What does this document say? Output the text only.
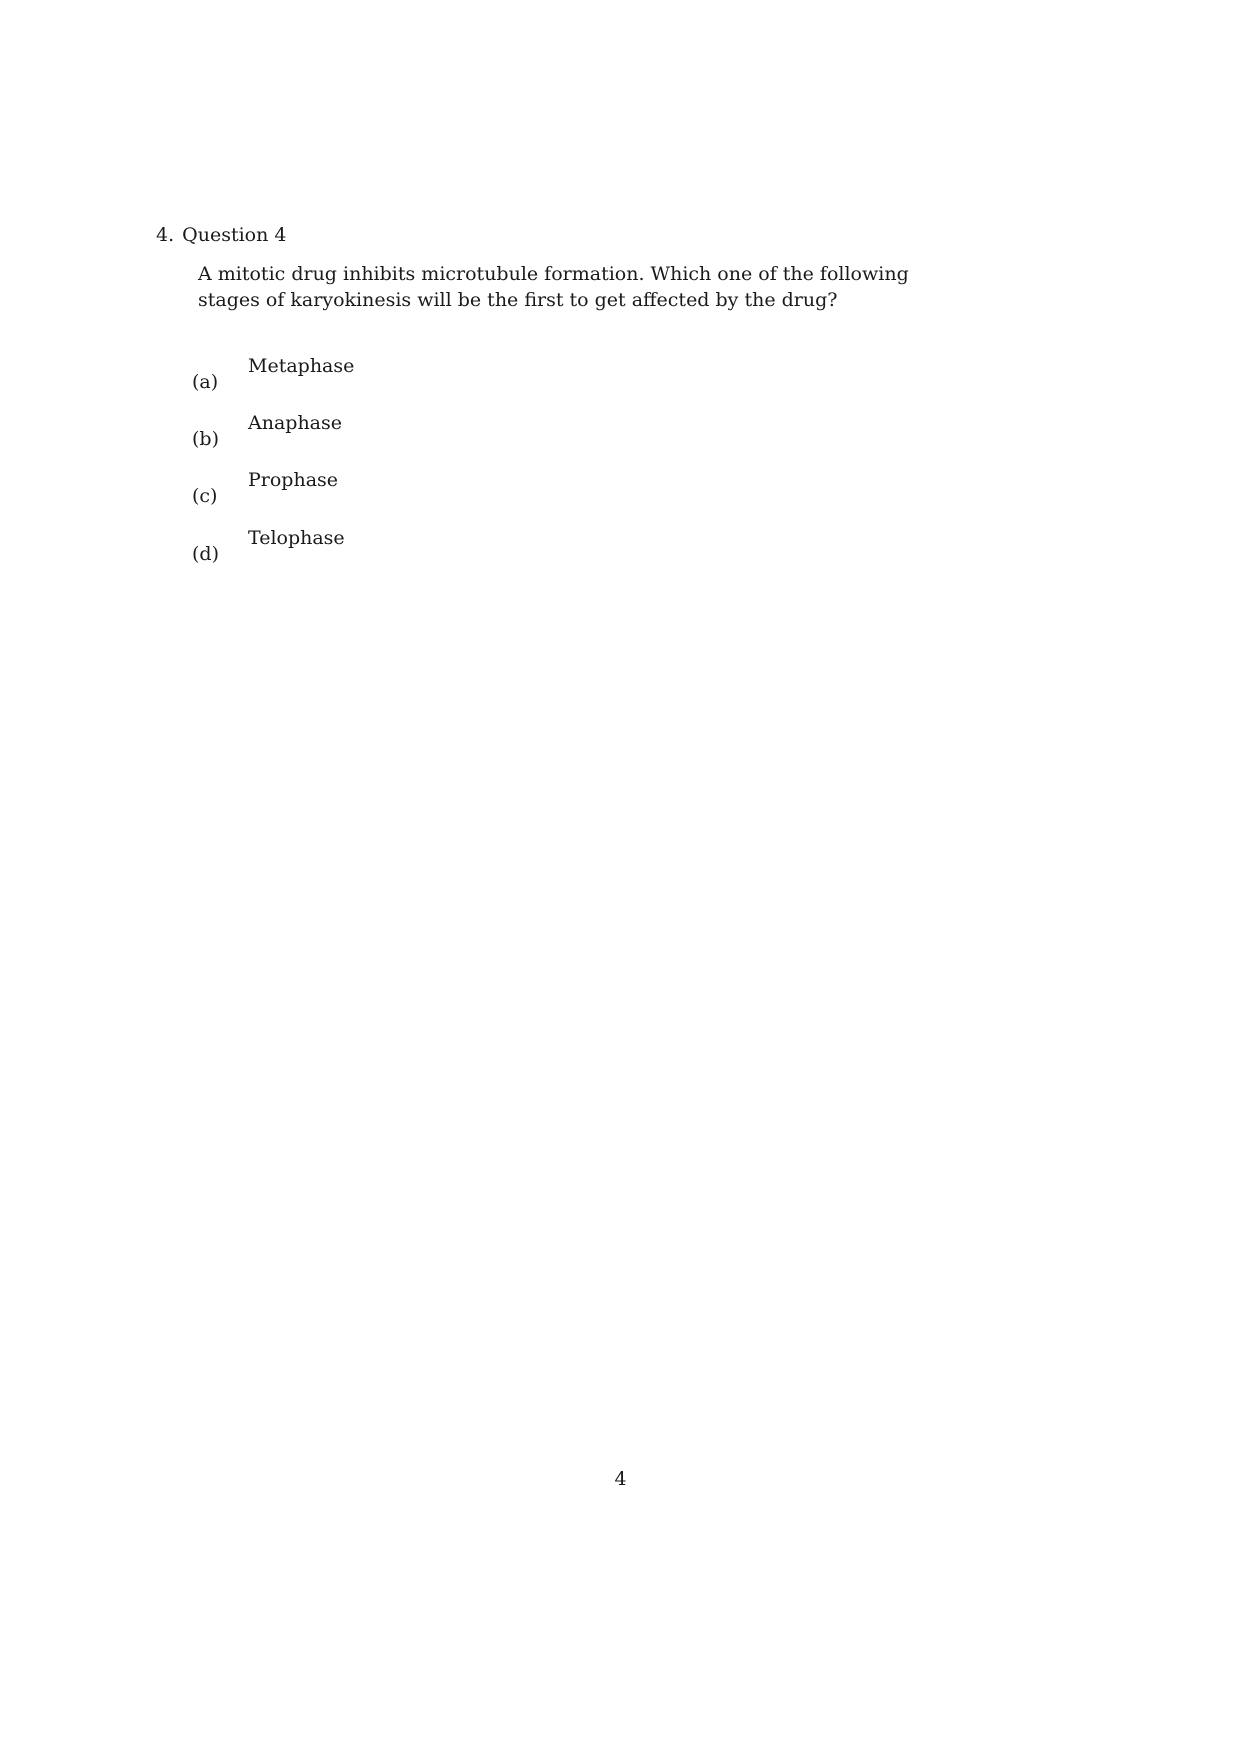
4. Question 4

A mitotic drug inhibits microtubule formation. Which one of the following

stages of karyokinesis will be the first to get affected by the drug?

(a)
Metaphase
(b)
Anaphase
(c)
Prophase
(d)
Telophase
4
